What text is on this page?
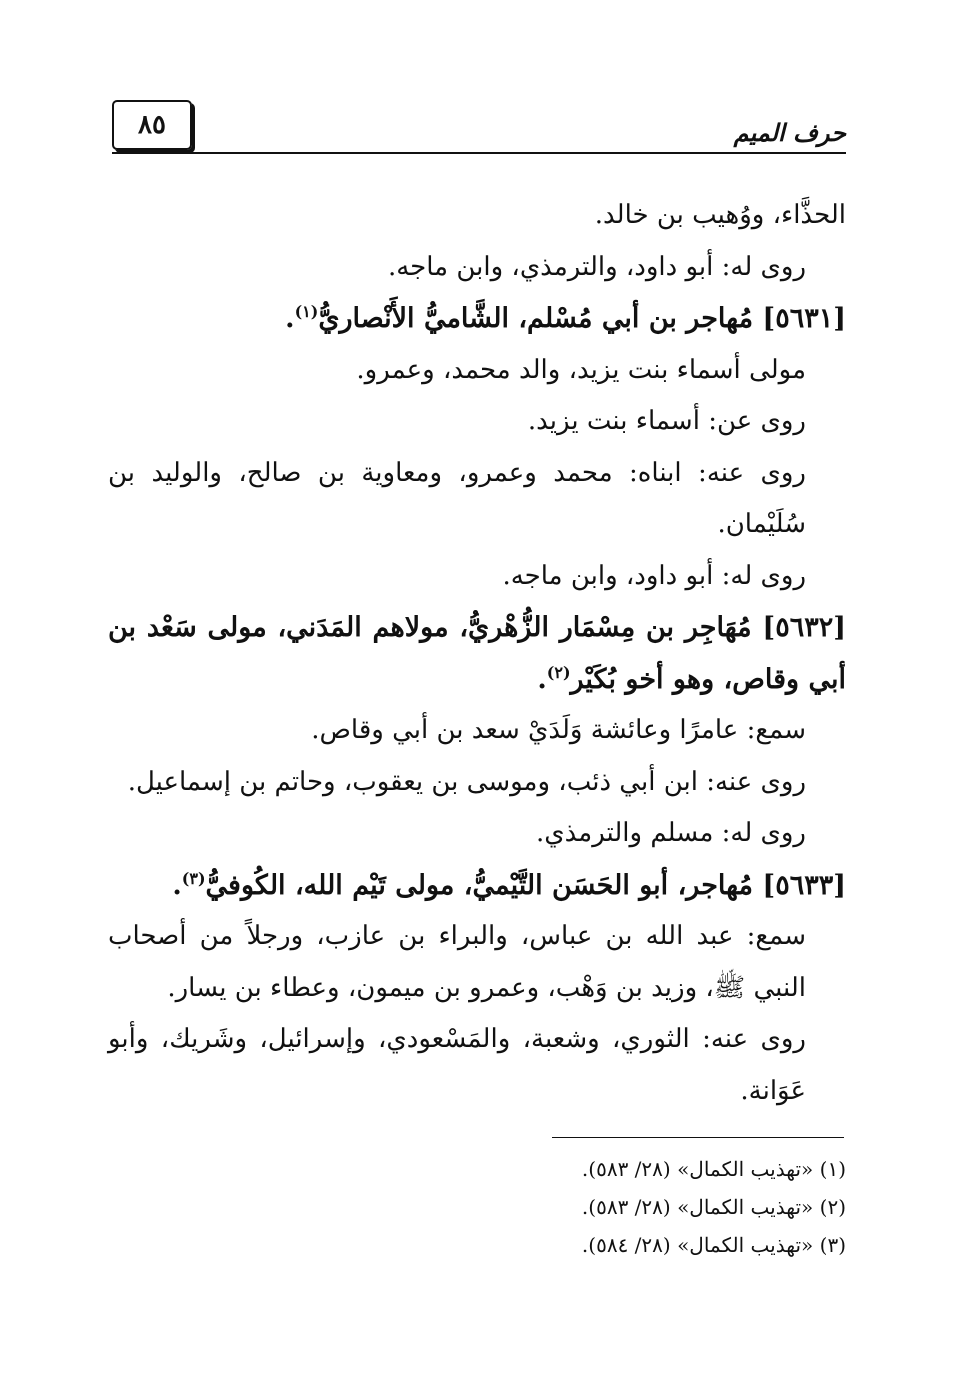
٨٥	حرف الميم

الحذَّاء، ووُهيب بن خالد.

روى له: أبو داود، والترمذي، وابن ماجه.

[٥٦٣١] مُهاجر بن أبي مُسْلم، الشَّاميُّ الأَنْصاريُّ$^{(١)}$.

مولى أسماء بنت يزيد، والد محمد، وعمرو.

روى عن: أسماء بنت يزيد.

روى عنه: ابناه: محمد وعمرو، ومعاوية بن صالح، والوليد بن سُلَيْمان.

روى له: أبو داود، وابن ماجه.

[٥٦٣٢] مُهَاجِر بن مِسْمَار الزُّهْريُّ، مولاهم المَدَني، مولى سَعْد بن أبي وقاص، وهو أخو بُكَيْر$^{(٢)}$.

سمع: عامرًا وعائشة وَلَدَيْ سعد بن أبي وقاص.

روى عنه: ابن أبي ذئب، وموسى بن يعقوب، وحاتم بن إسماعيل.

روى له: مسلم والترمذي.

[٥٦٣٣] مُهاجر، أبو الحَسَن التَّيْميُّ، مولى تَيْم الله، الكُوفيُّ$^{(٣)}$.

سمع: عبد الله بن عباس، والبراء بن عازب، ورجلاً من أصحاب النبي ﷺ، وزيد بن وَهْب، وعمرو بن ميمون، وعطاء بن يسار.

روى عنه: الثوري، وشعبة، والمَسْعودي، وإسرائيل، وشَريك، وأبو عَوَانة.

(١) «تهذيب الكمال» (٢٨/ ٥٨٣).

(٢) «تهذيب الكمال» (٢٨/ ٥٨٣).

(٣) «تهذيب الكمال» (٢٨/ ٥٨٤).
